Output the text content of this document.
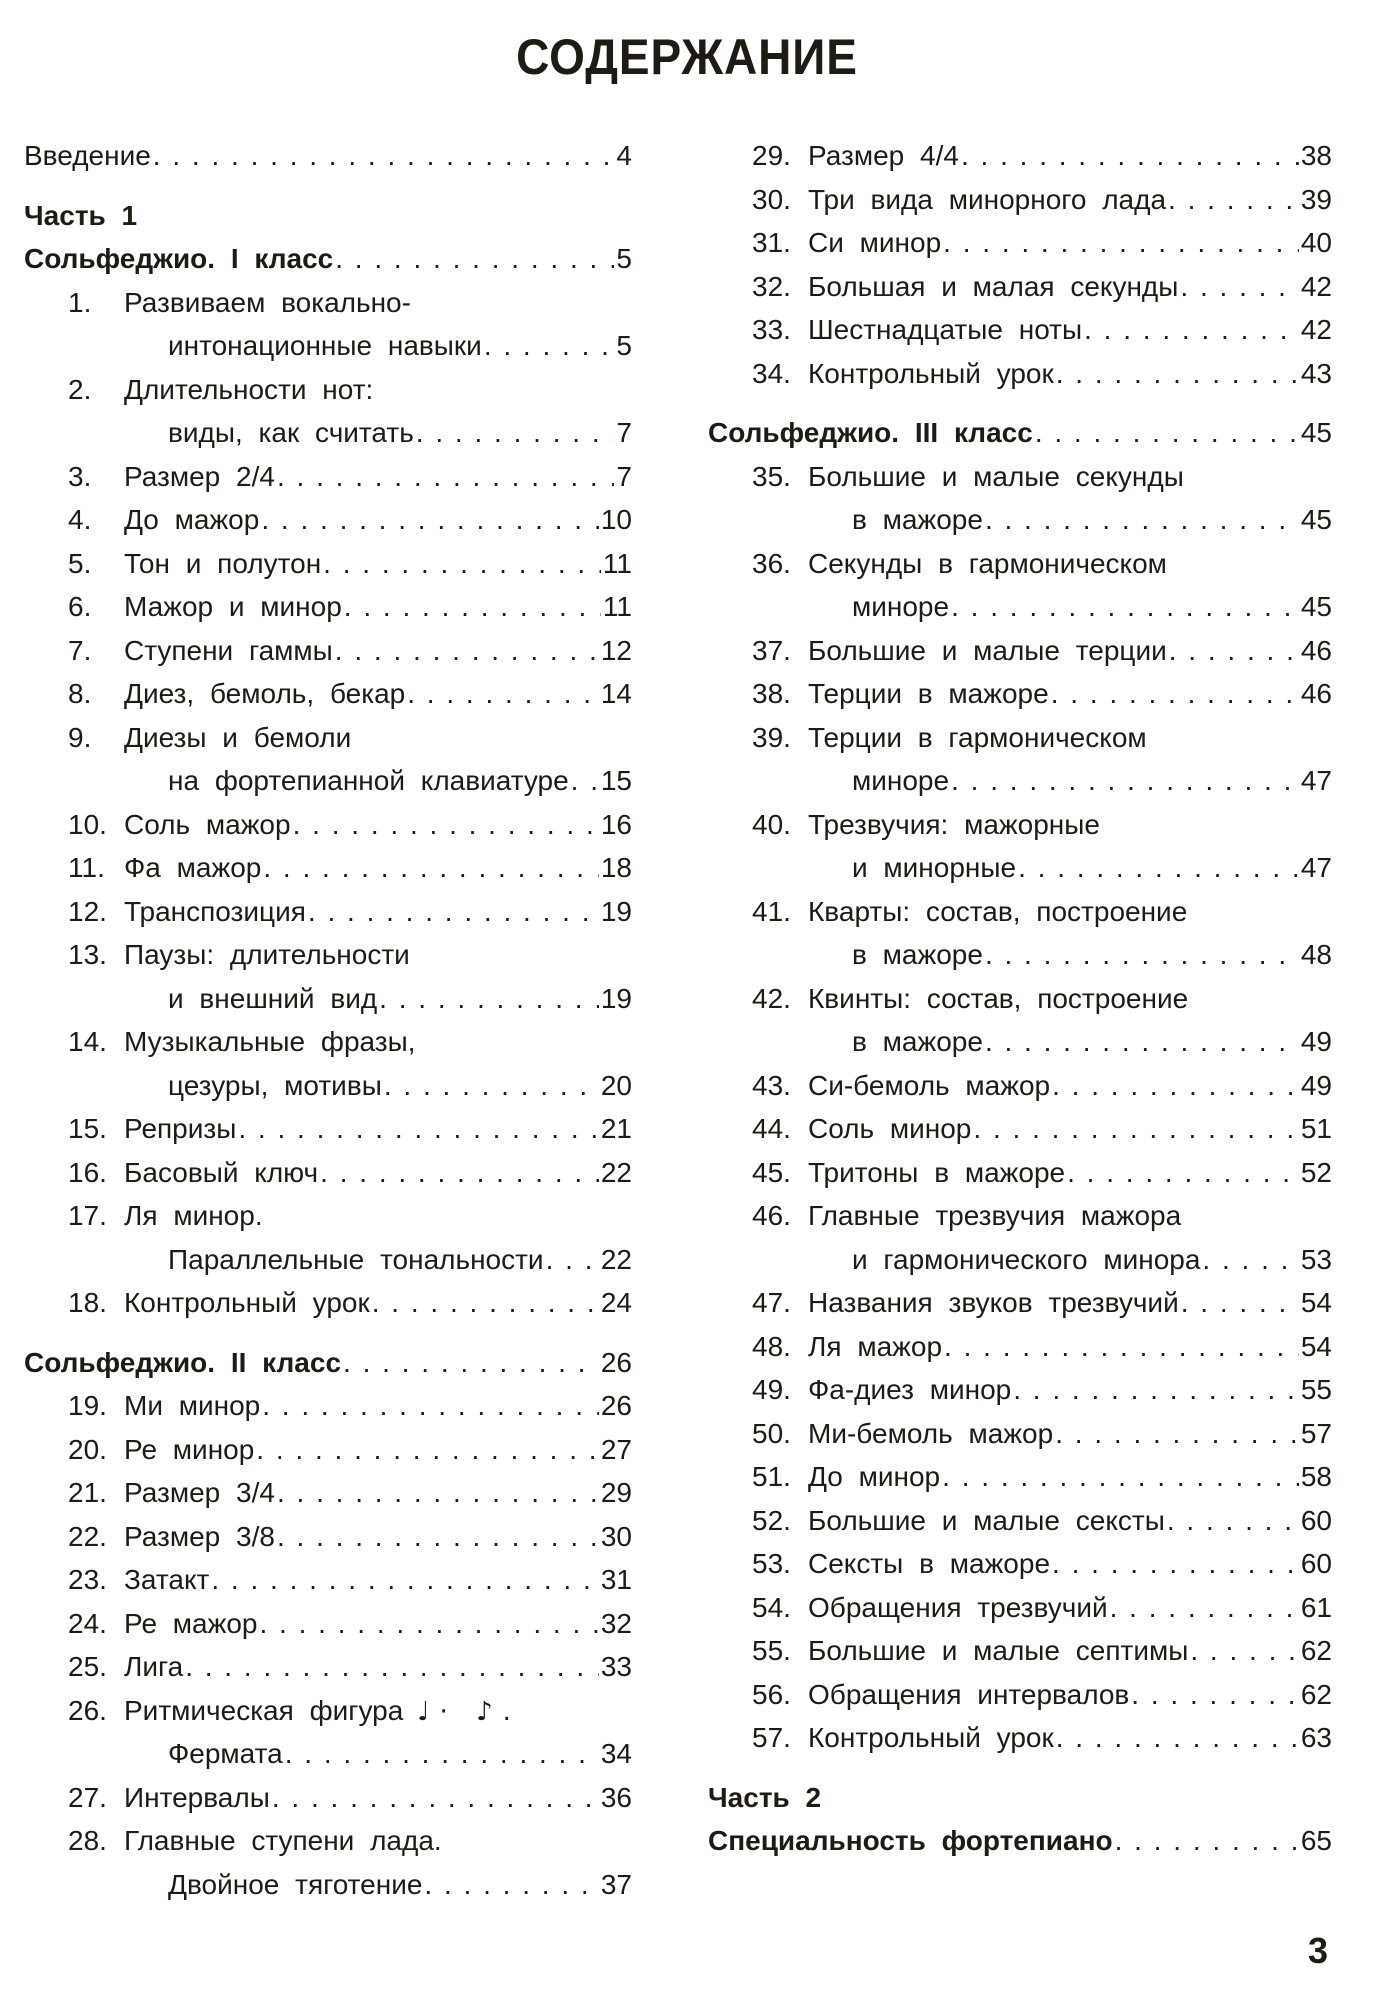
СОДЕРЖАНИЕ
Введение . . .	4
Часть 1
Сольфеджио. I класс . . .	5
1.	Развиваем вокально-
интонационные навыки . . .	5
2.	Длительности нот:
виды, как считать . . .	7
3.	Размер 2/4 . . .	7
4.	До мажор . . .	10
5.	Тон и полутон . . .	11
6.	Мажор и минор . . .	11
7.	Ступени гаммы . . .	12
8.	Диез, бемоль, бекар . . .	14
9.	Диезы и бемоли
на фортепианной клавиатуре . . . 15
10. Соль мажор . . .	16
11. Фа мажор . . .	18
12. Транспозиция . . .	19
13. Паузы: длительности
и внешний вид . . .	19
14. Музыкальные фразы,
цезуры, мотивы . . .	20
15. Репризы . . .	21
16. Басовый ключ . . .	22
17. Ля минор.
Параллельные тональности . . . 22
18. Контрольный урок . . .	24
Сольфеджио. II класс . . .	26
19. Ми минор . . .	26
20. Ре минор . . .	27
21. Размер 3/4 . . .	29
22. Размер 3/8 . . .	30
23. Затакт . . .	31
24. Ре мажор . . .	32
25. Лига . . .	33
26. Ритмическая фигура ♩· ♪.
Фермата . . .	34
27. Интервалы . . .	36
28. Главные ступени лада.
Двойное тяготение . . .	37
29. Размер 4/4 . . .	38
30. Три вида минорного лада . . .	39
31. Си минор . . .	40
32. Большая и малая секунды . . .	42
33. Шестнадцатые ноты . . .	42
34. Контрольный урок . . .	43
Сольфеджио. III класс . . .	45
35. Большие и малые секунды
в мажоре . . .	45
36. Секунды в гармоническом
миноре . . .	45
37. Большие и малые терции . . .	46
38. Терции в мажоре . . .	46
39. Терции в гармоническом
миноре . . .	47
40. Трезвучия: мажорные
и минорные . . .	47
41. Кварты: состав, построение
в мажоре . . .	48
42. Квинты: состав, построение
в мажоре . . .	49
43. Си-бемоль мажор . . .	49
44. Соль минор . . .	51
45. Тритоны в мажоре . . .	52
46. Главные трезвучия мажора
и гармонического минора . . .	53
47. Названия звуков трезвучий . . .	54
48. Ля мажор . . .	54
49. Фа-диез минор . . .	55
50. Ми-бемоль мажор . . .	57
51. До минор . . .	58
52. Большие и малые сексты . . .	60
53. Сексты в мажоре . . .	60
54. Обращения трезвучий . . .	61
55. Большие и малые септимы . . .	62
56. Обращения интервалов . . .	62
57. Контрольный урок . . .	63
Часть 2
Специальность фортепиано . . .	65
3
